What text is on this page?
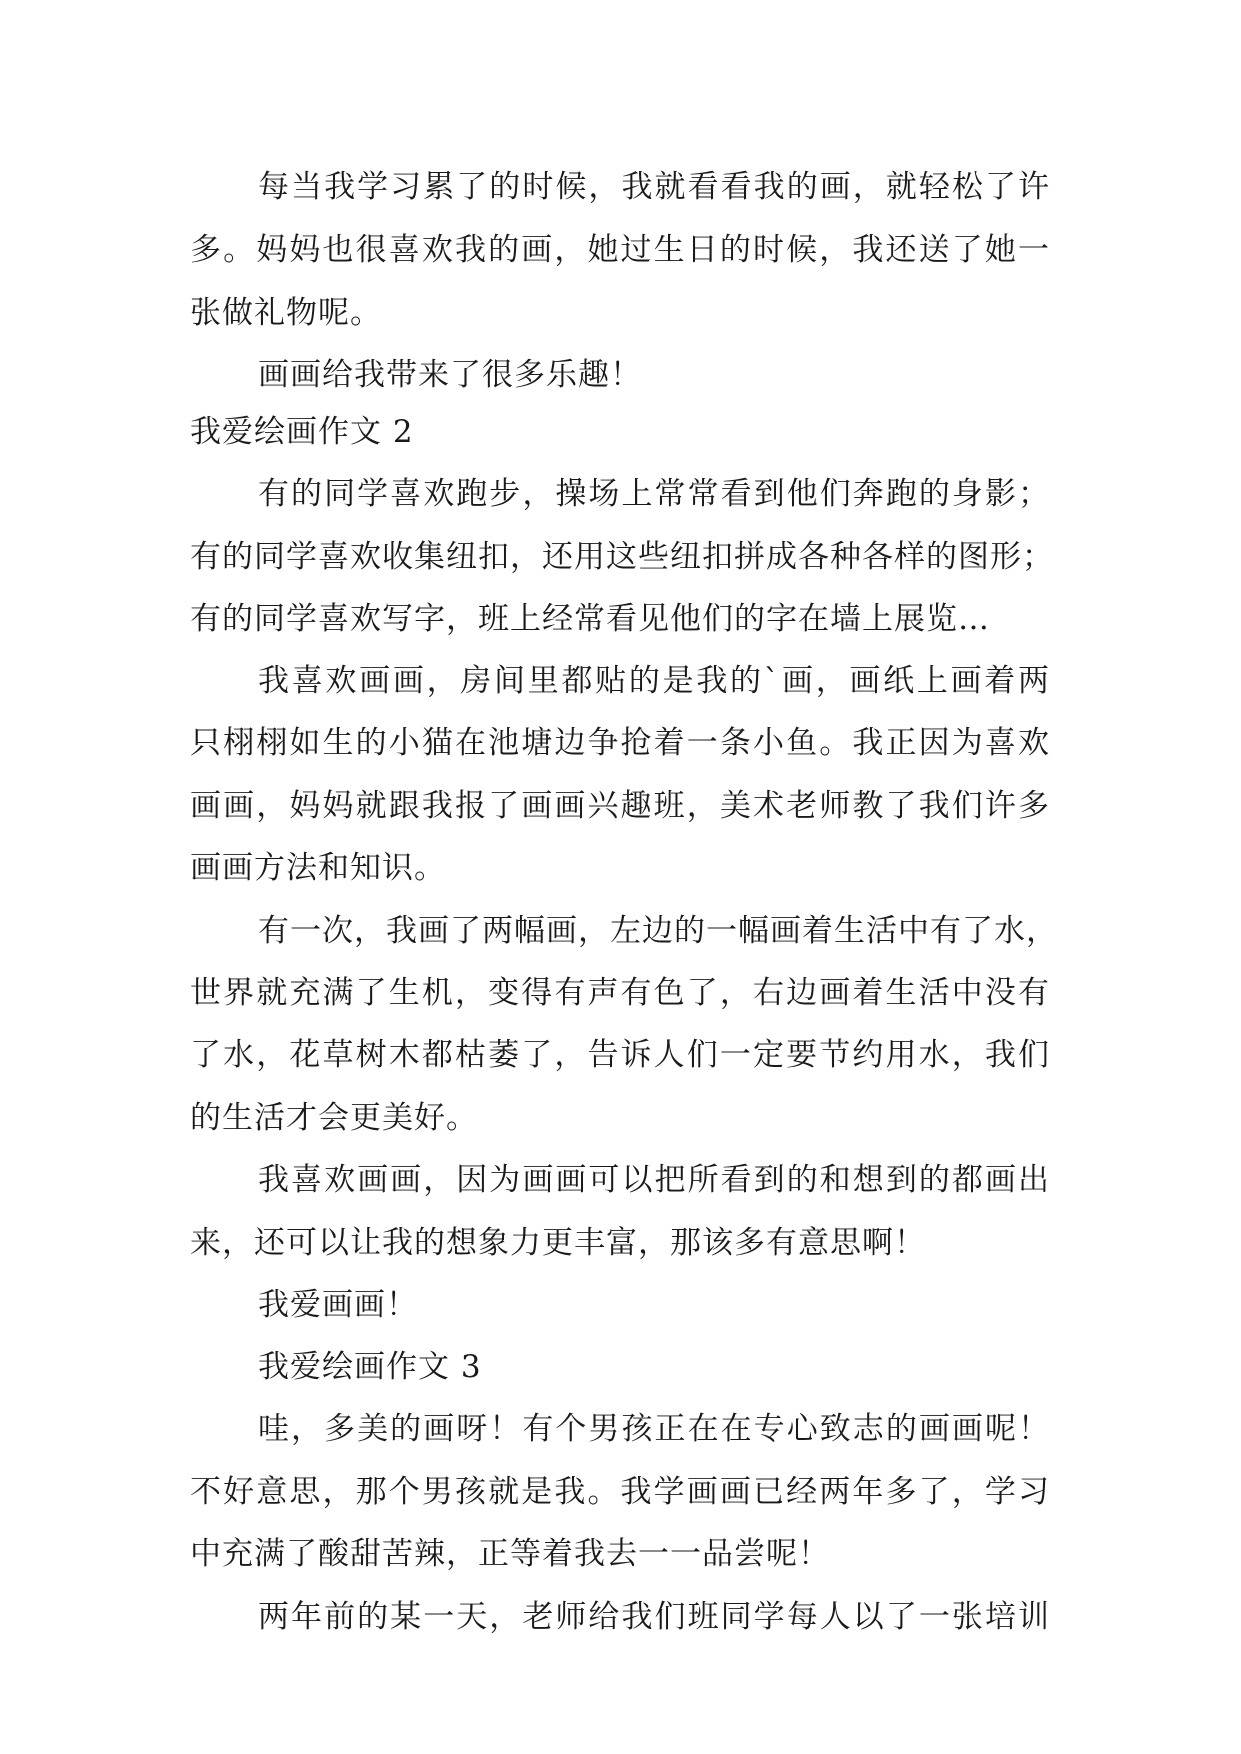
每当我学习累了的时候，我就看看我的画，就轻松了许
多。妈妈也很喜欢我的画，她过生日的时候，我还送了她一
张做礼物呢。
画画给我带来了很多乐趣！
我爱绘画作文 2
有的同学喜欢跑步，操场上常常看到他们奔跑的身影；
有的同学喜欢收集纽扣，还用这些纽扣拼成各种各样的图形；
有的同学喜欢写字，班上经常看见他们的字在墙上展览…
我喜欢画画，房间里都贴的是我的`画，画纸上画着两
只栩栩如生的小猫在池塘边争抢着一条小鱼。我正因为喜欢
画画，妈妈就跟我报了画画兴趣班，美术老师教了我们许多
画画方法和知识。
有一次，我画了两幅画，左边的一幅画着生活中有了水，
世界就充满了生机，变得有声有色了，右边画着生活中没有
了水，花草树木都枯萎了，告诉人们一定要节约用水，我们
的生活才会更美好。
我喜欢画画，因为画画可以把所看到的和想到的都画出
来，还可以让我的想象力更丰富，那该多有意思啊！
我爱画画！
我爱绘画作文 3
哇，多美的画呀！有个男孩正在在专心致志的画画呢！
不好意思，那个男孩就是我。我学画画已经两年多了，学习
中充满了酸甜苦辣，正等着我去一一品尝呢！
两年前的某一天，老师给我们班同学每人以了一张培训
